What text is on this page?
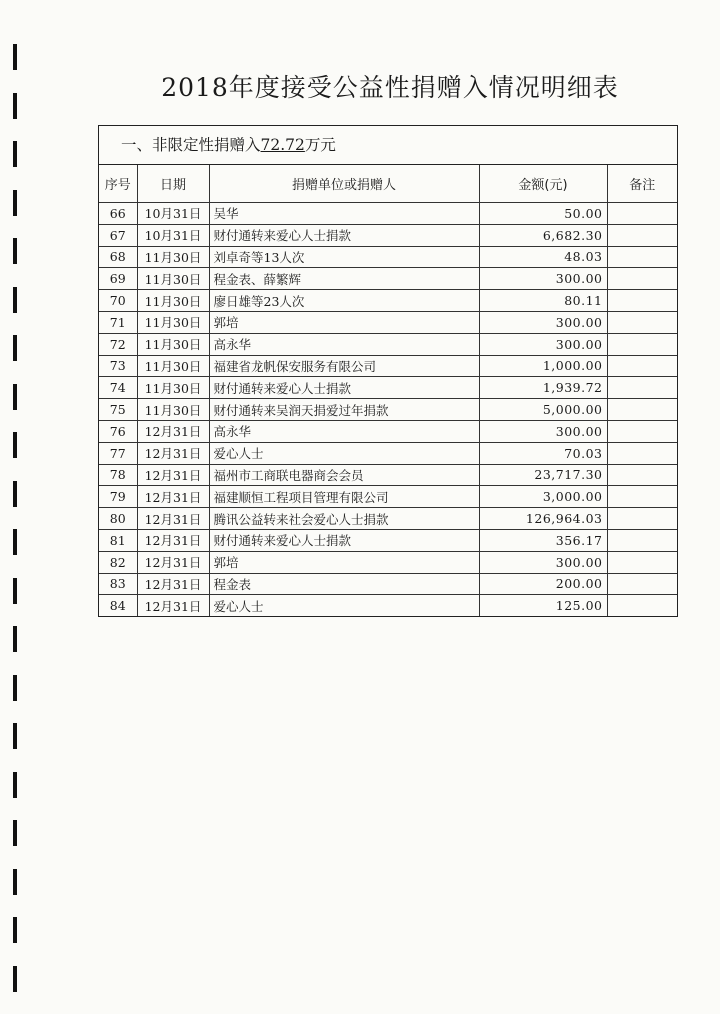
2018年度接受公益性捐赠入情况明细表
一、非限定性捐赠入72.72万元
序号	日期	捐赠单位或捐赠人	金额(元)	备注
66	10月31日	吴华	50.00	
67	10月31日	财付通转来爱心人士捐款	6,682.30	
68	11月30日	刘卓奇等13人次	48.03	
69	11月30日	程金表、薛繁辉	300.00	
70	11月30日	廖日雄等23人次	80.11	
71	11月30日	郭培	300.00	
72	11月30日	高永华	300.00	
73	11月30日	福建省龙帆保安服务有限公司	1,000.00	
74	11月30日	财付通转来爱心人士捐款	1,939.72	
75	11月30日	财付通转来吴润天捐爱过年捐款	5,000.00	
76	12月31日	高永华	300.00	
77	12月31日	爱心人士	70.03	
78	12月31日	福州市工商联电器商会会员	23,717.30	
79	12月31日	福建顺恒工程项目管理有限公司	3,000.00	
80	12月31日	腾讯公益转来社会爱心人士捐款	126,964.03	
81	12月31日	财付通转来爱心人士捐款	356.17	
82	12月31日	郭培	300.00	
83	12月31日	程金表	200.00	
84	12月31日	爱心人士	125.00	
